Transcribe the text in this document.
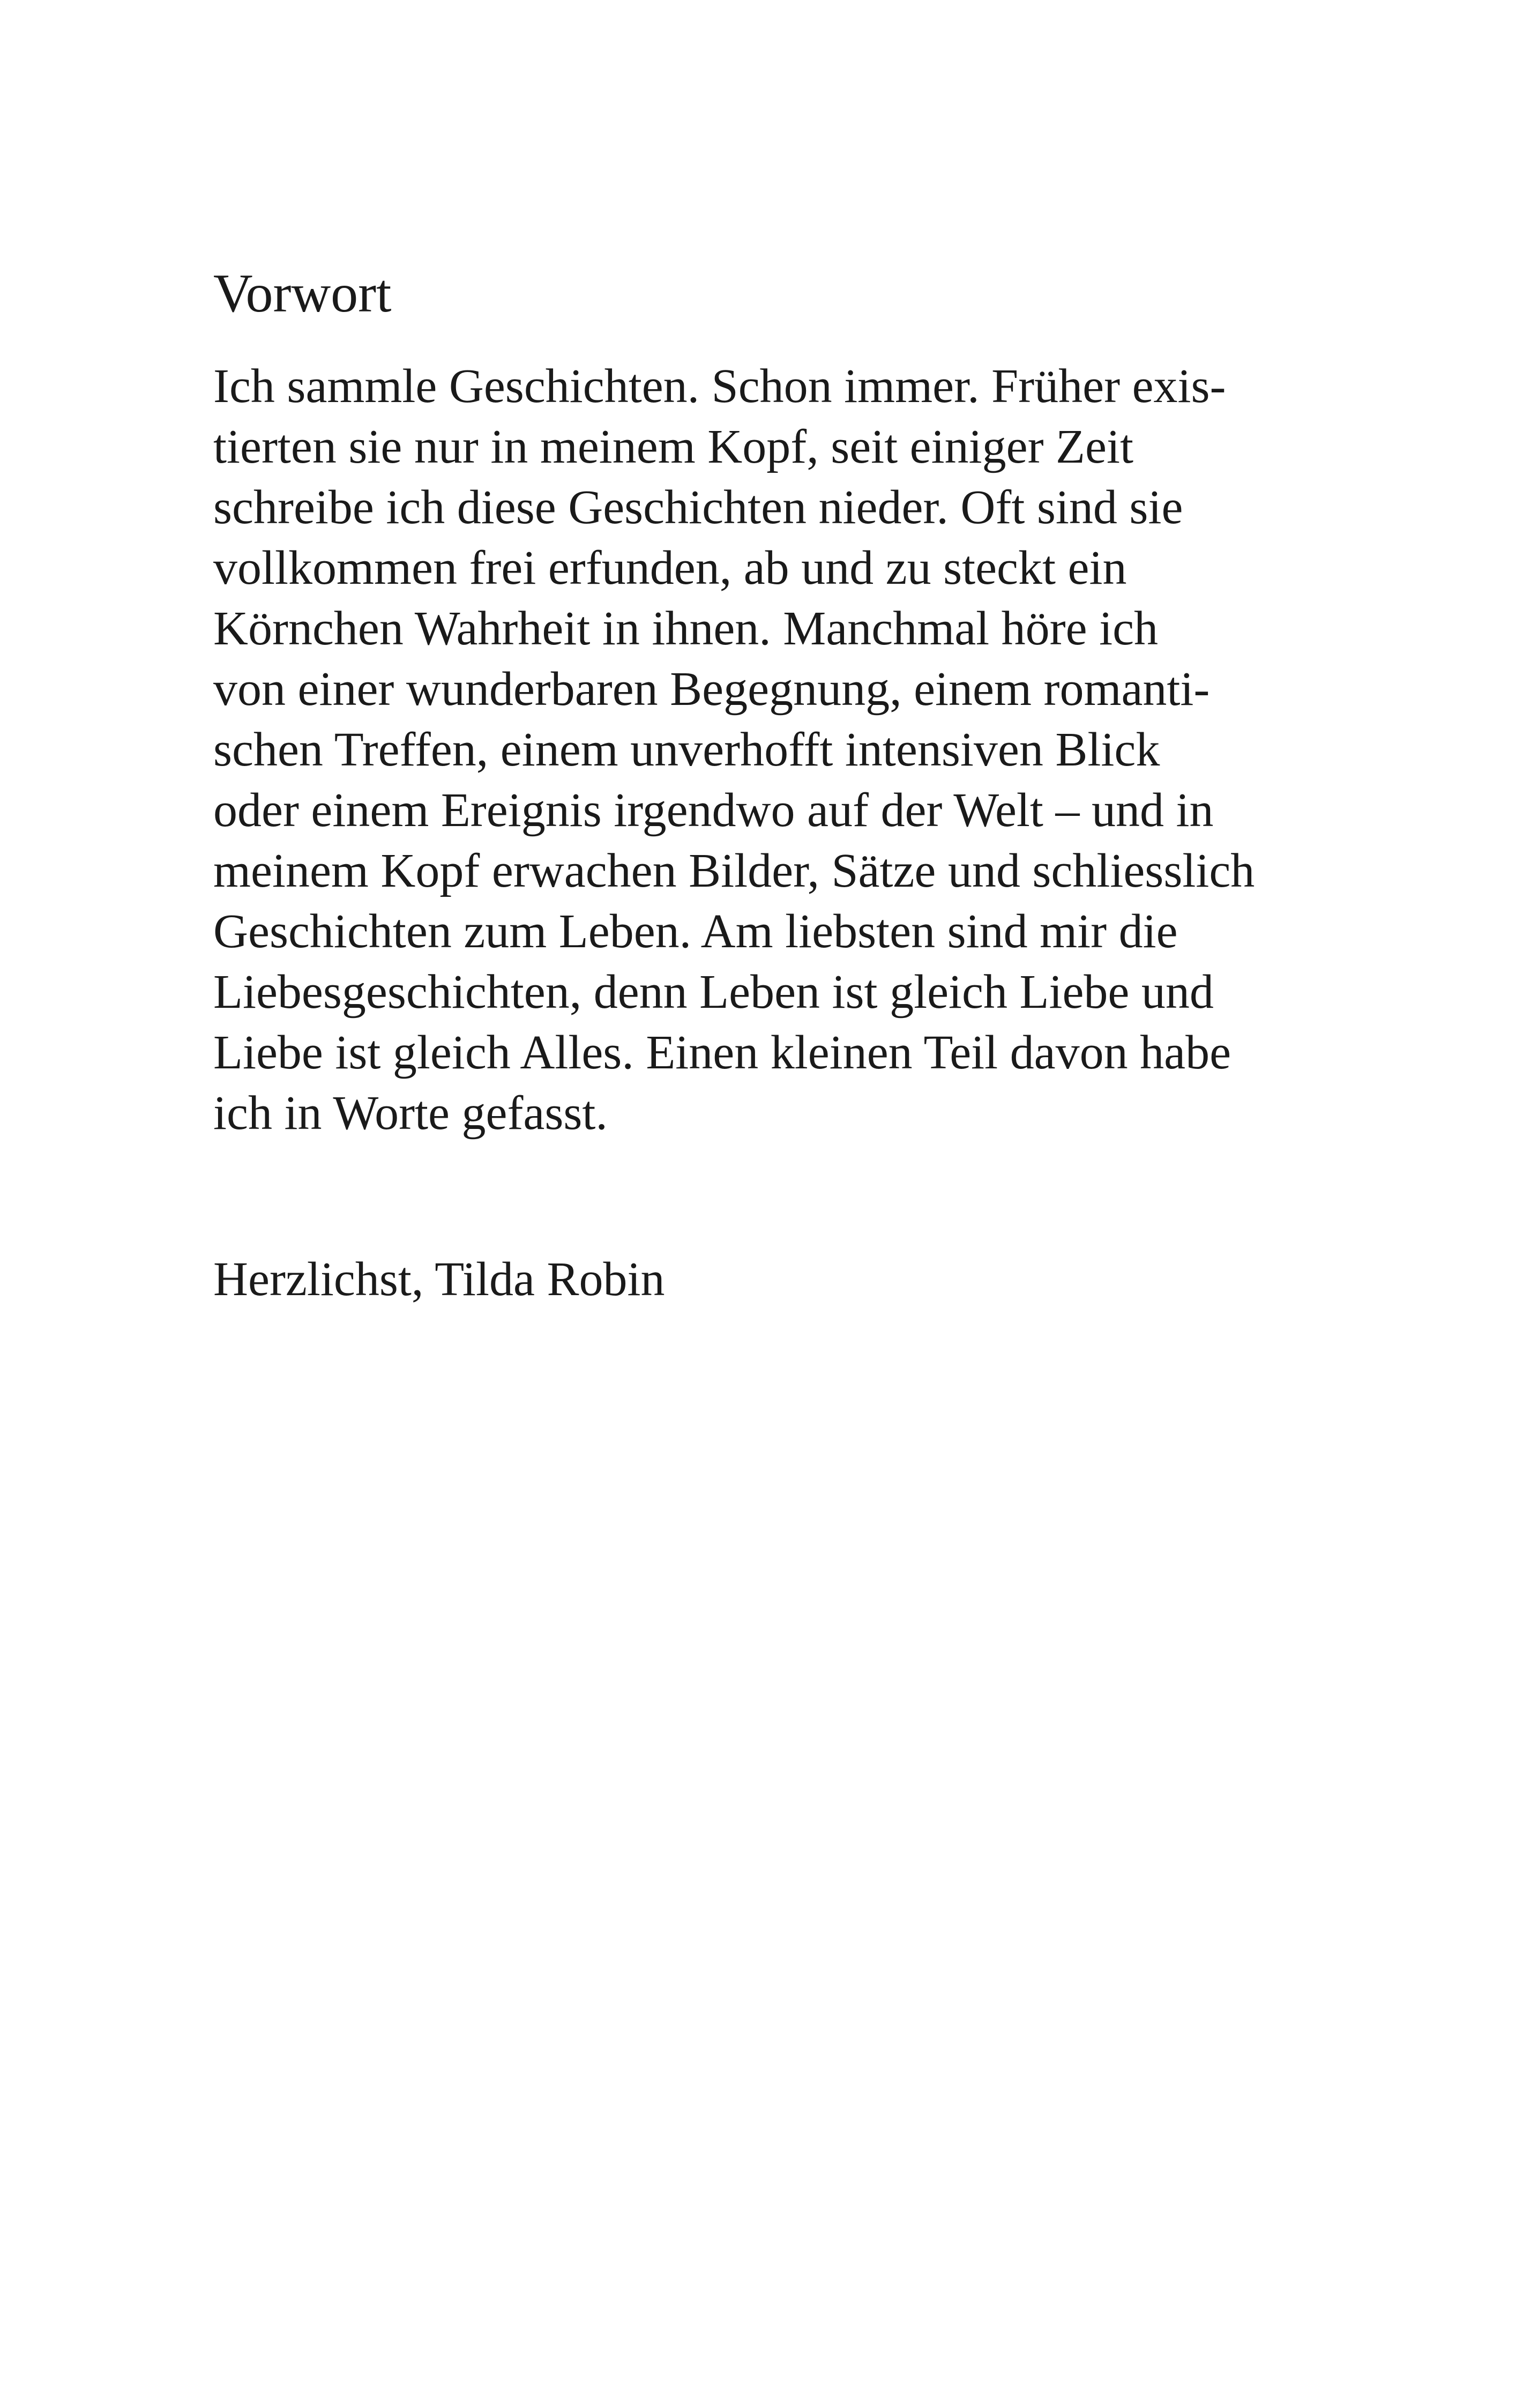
Vorwort
Ich sammle Geschichten. Schon immer. Früher exis-
tierten sie nur in meinem Kopf, seit einiger Zeit
schreibe ich diese Geschichten nieder. Oft sind sie
vollkommen frei erfunden, ab und zu steckt ein
Körnchen Wahrheit in ihnen. Manchmal höre ich
von einer wunderbaren Begegnung, einem romanti-
schen Treffen, einem unverhofft intensiven Blick
oder einem Ereignis irgendwo auf der Welt – und in
meinem Kopf erwachen Bilder, Sätze und schliesslich
Geschichten zum Leben. Am liebsten sind mir die
Liebesgeschichten, denn Leben ist gleich Liebe und
Liebe ist gleich Alles. Einen kleinen Teil davon habe
ich in Worte gefasst.

Herzlichst, Tilda Robin
